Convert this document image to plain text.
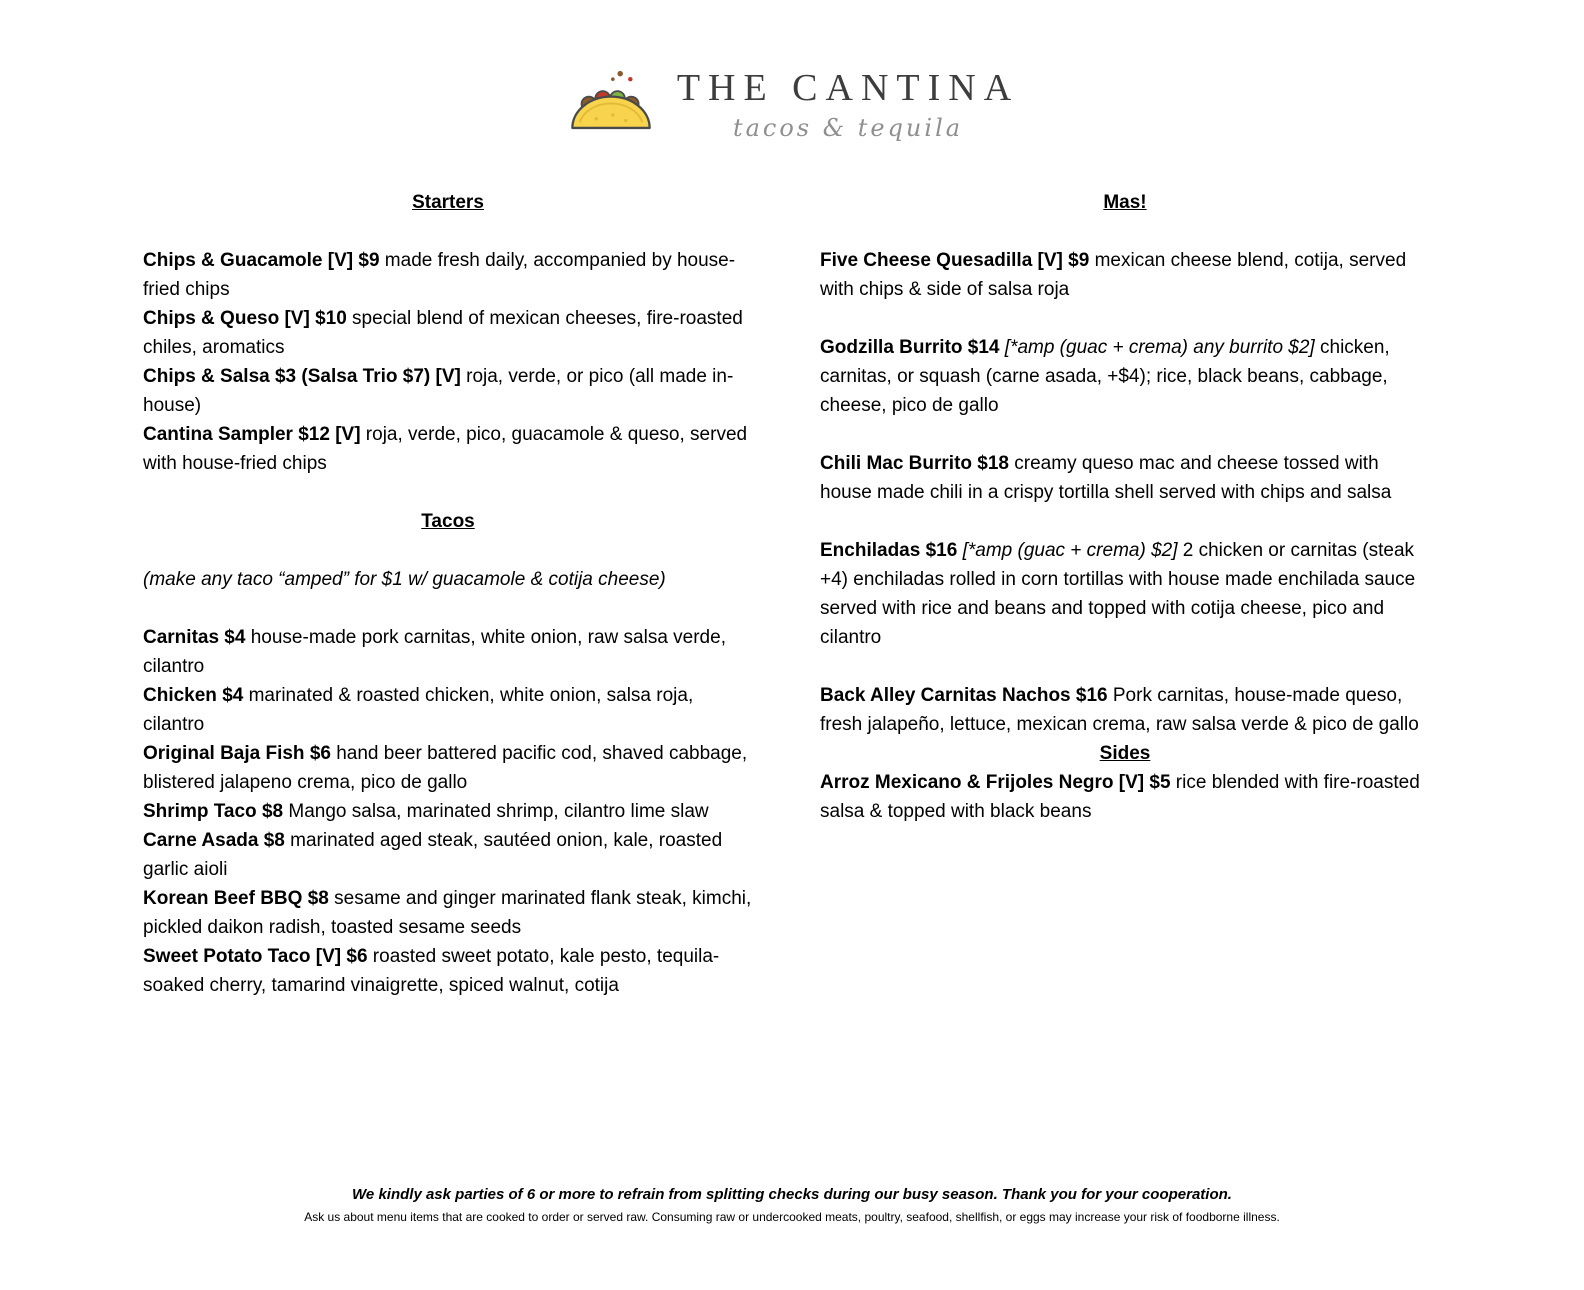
THE CANTINA
tacos & tequila
Starters

Chips & Guacamole [V] $9 made fresh daily, accompanied by house-fried chips

Chips & Queso [V] $10 special blend of mexican cheeses, fire-roasted chiles, aromatics

Chips & Salsa $3 (Salsa Trio $7) [V] roja, verde, or pico (all made in-house)

Cantina Sampler $12 [V] roja, verde, pico, guacamole & queso, served with house-fried chips

Tacos

(make any taco “amped” for $1 w/ guacamole & cotija cheese)

Carnitas $4 house-made pork carnitas, white onion, raw salsa verde, cilantro

Chicken $4 marinated & roasted chicken, white onion, salsa roja, cilantro

Original Baja Fish $6 hand beer battered pacific cod, shaved cabbage, blistered jalapeno crema, pico de gallo

Shrimp Taco $8 Mango salsa, marinated shrimp, cilantro lime slaw

Carne Asada $8 marinated aged steak, sautéed onion, kale, roasted garlic aioli

Korean Beef BBQ $8 sesame and ginger marinated flank steak, kimchi, pickled daikon radish, toasted sesame seeds

Sweet Potato Taco [V] $6 roasted sweet potato, kale pesto, tequila-soaked cherry, tamarind vinaigrette, spiced walnut, cotija

Mas!

Five Cheese Quesadilla [V] $9 mexican cheese blend, cotija, served with chips & side of salsa roja

Godzilla Burrito $14 [*amp (guac + crema) any burrito $2] chicken, carnitas, or squash (carne asada, +$4); rice, black beans, cabbage, cheese, pico de gallo

Chili Mac Burrito $18 creamy queso mac and cheese tossed with house made chili in a crispy tortilla shell served with chips and salsa

Enchiladas $16 [*amp (guac + crema) $2] 2 chicken or carnitas (steak +4) enchiladas rolled in corn tortillas with house made enchilada sauce served with rice and beans and topped with cotija cheese, pico and cilantro

Back Alley Carnitas Nachos $16 Pork carnitas, house-made queso, fresh jalapeño, lettuce, mexican crema, raw salsa verde & pico de gallo

Sides

Arroz Mexicano & Frijoles Negro [V] $5 rice blended with fire-roasted salsa & topped with black beans

We kindly ask parties of 6 or more to refrain from splitting checks during our busy season. Thank you for your cooperation.
Ask us about menu items that are cooked to order or served raw. Consuming raw or undercooked meats, poultry, seafood, shellfish, or eggs may increase your risk of foodborne illness.
